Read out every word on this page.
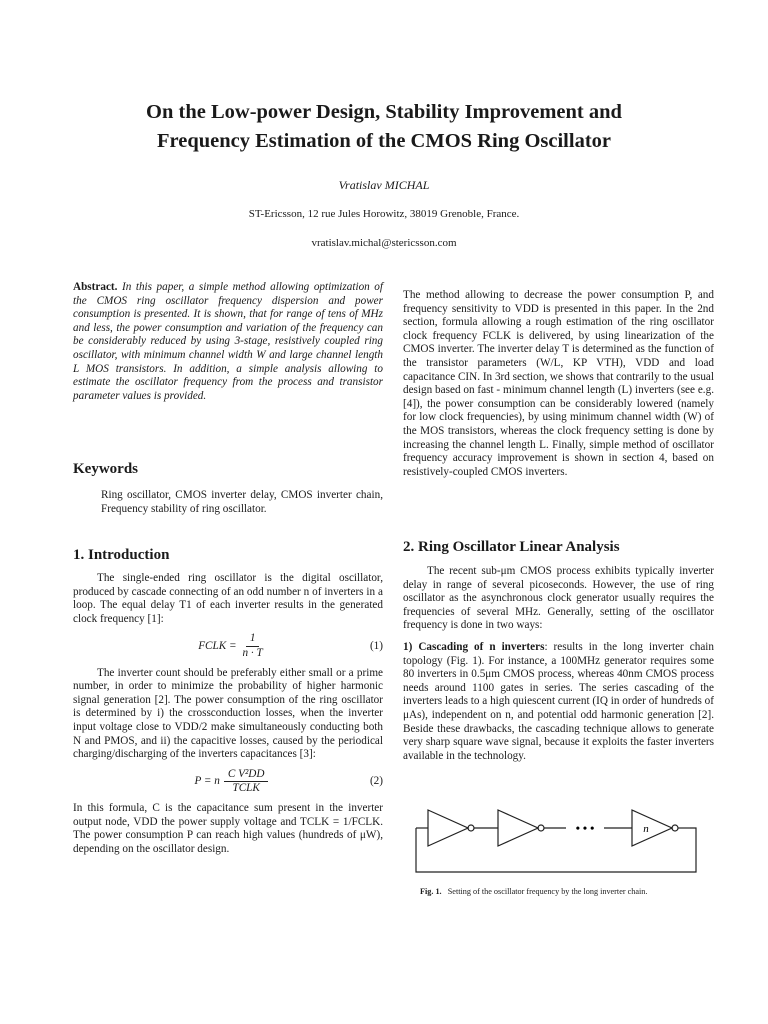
On the Low-power Design, Stability Improvement and
Frequency Estimation of the CMOS Ring Oscillator
Vratislav MICHAL
ST-Ericsson, 12 rue Jules Horowitz, 38019 Grenoble, France.
vratislav.michal@stericsson.com

Abstract. In this paper, a simple method allowing optimization of the CMOS ring oscillator frequency dispersion and power consumption is presented. It is shown, that for range of tens of MHz and less, the power consumption and variation of the frequency can be considerably reduced by using 3-stage, resistively coupled ring oscillator, with minimum channel width W and large channel length L MOS transistors. In addition, a simple analysis allowing to estimate the oscillator frequency from the process and transistor parameter values is provided.

Keywords
Ring oscillator, CMOS inverter delay, CMOS inverter chain, Frequency stability of ring oscillator.
1. Introduction

The single-ended ring oscillator is the digital oscillator, produced by cascade connecting of an odd number n of inverters in a loop. The equal delay T1 of each inverter results in the generated clock frequency [1]:

FCLK = $\frac{1}{n \cdot T}$	(1)

The inverter count should be preferably either small or a prime number, in order to minimize the probability of higher harmonic signal generation [2]. The power consumption of the ring oscillator is determined by i) the crossconduction losses, when the inverter input voltage close to VDD/2 make simultaneously conducting both N and PMOS, and ii) the capacitive losses, caused by the periodical charging/discharging of the inverters capacitances [3]:

P = n $\frac{\text{C V²DD}}{\text{TCLK}}$	(2)

In this formula, C is the capacitance sum present in the inverter output node, VDD the power supply voltage and TCLK = 1/FCLK. The power consumption P can reach high values (hundreds of μW), depending on the oscillator design.

The method allowing to decrease the power consumption P, and frequency sensitivity to VDD is presented in this paper. In the 2nd section, formula allowing a rough estimation of the ring oscillator clock frequency FCLK is delivered, by using linearization of the CMOS inverter. The inverter delay T is determined as the function of the transistor parameters (W/L, KP VTH), VDD and load capacitance CIN. In 3rd section, we shows that contrarily to the usual design based on fast - minimum channel length (L) inverters (see e.g. [4]), the power consumption can be considerably lowered (namely for low clock frequencies), by using minimum channel width (W) of the MOS transistors, whereas the clock frequency setting is done by increasing the channel length L. Finally, simple method of oscillator frequency accuracy improvement is shown in section 4, based on resistively-coupled CMOS inverters.
2. Ring Oscillator Linear Analysis

The recent sub-μm CMOS process exhibits typically inverter delay in range of several picoseconds. However, the use of ring oscillator as the asynchronous clock generator usually requires the frequencies of several MHz. Generally, setting of the oscillator frequency is done in two ways:

1) Cascading of n inverters: results in the long inverter chain topology (Fig. 1). For instance, a 100MHz generator requires some 80 inverters in 0.5μm CMOS process, whereas 40nm CMOS process needs around 1100 gates in series. The series cascading of the inverters leads to a high quiescent current (IQ in order of hundreds of μAs), independent on n, and potential odd harmonic generation [2]. Beside these drawbacks, the cascading technique allows to generate very sharp square wave signal, because it exploits the faster inverters available in the technology.

• • •	n
Fig. 1. Setting of the oscillator frequency by the long inverter chain.
